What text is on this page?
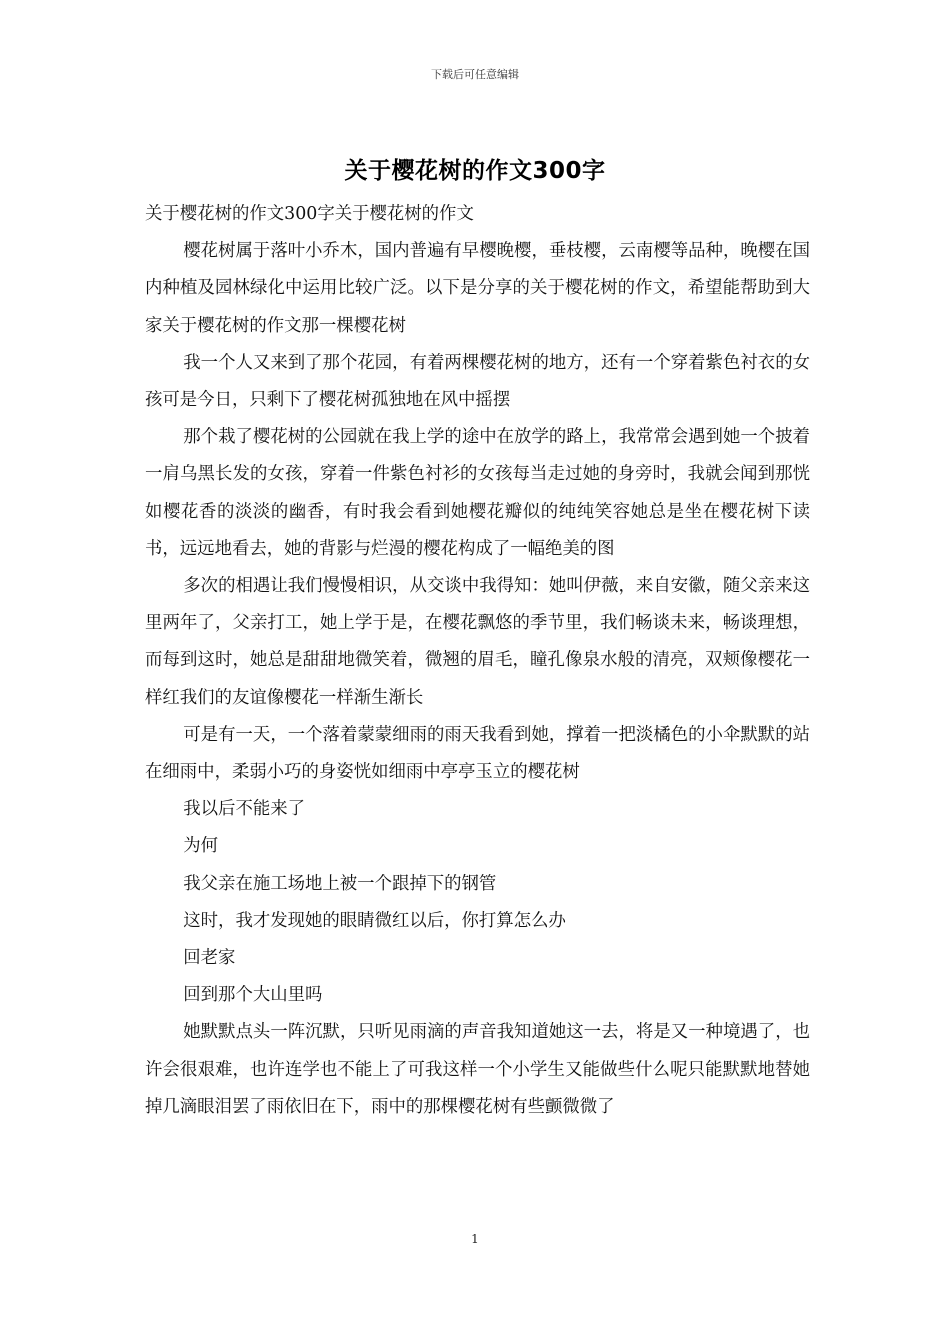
下载后可任意编辑
关于樱花树的作文300字

关于樱花树的作文300字关于樱花树的作文

樱花树属于落叶小乔木，国内普遍有早樱晚樱，垂枝樱，云南樱等品种，晚樱在国内种植及园林绿化中运用比较广泛。以下是分享的关于樱花树的作文，希望能帮助到大家关于樱花树的作文那一棵樱花树

我一个人又来到了那个花园，有着两棵樱花树的地方，还有一个穿着紫色衬衣的女孩可是今日，只剩下了樱花树孤独地在风中摇摆

那个栽了樱花树的公园就在我上学的途中在放学的路上，我常常会遇到她一个披着一肩乌黑长发的女孩，穿着一件紫色衬衫的女孩每当走过她的身旁时，我就会闻到那恍如樱花香的淡淡的幽香，有时我会看到她樱花瓣似的纯纯笑容她总是坐在樱花树下读书，远远地看去，她的背影与烂漫的樱花构成了一幅绝美的图

多次的相遇让我们慢慢相识，从交谈中我得知：她叫伊薇，来自安徽，随父亲来这里两年了，父亲打工，她上学于是，在樱花飘悠的季节里，我们畅谈未来，畅谈理想，而每到这时，她总是甜甜地微笑着，微翘的眉毛，瞳孔像泉水般的清亮，双颊像樱花一样红我们的友谊像樱花一样渐生渐长

可是有一天，一个落着蒙蒙细雨的雨天我看到她，撑着一把淡橘色的小伞默默的站在细雨中，柔弱小巧的身姿恍如细雨中亭亭玉立的樱花树

我以后不能来了

为何

我父亲在施工场地上被一个跟掉下的钢管

这时，我才发现她的眼睛微红以后，你打算怎么办

回老家

回到那个大山里吗

她默默点头一阵沉默，只听见雨滴的声音我知道她这一去，将是又一种境遇了，也许会很艰难，也许连学也不能上了可我这样一个小学生又能做些什么呢只能默默地替她掉几滴眼泪罢了雨依旧在下，雨中的那棵樱花树有些颤微微了

1
